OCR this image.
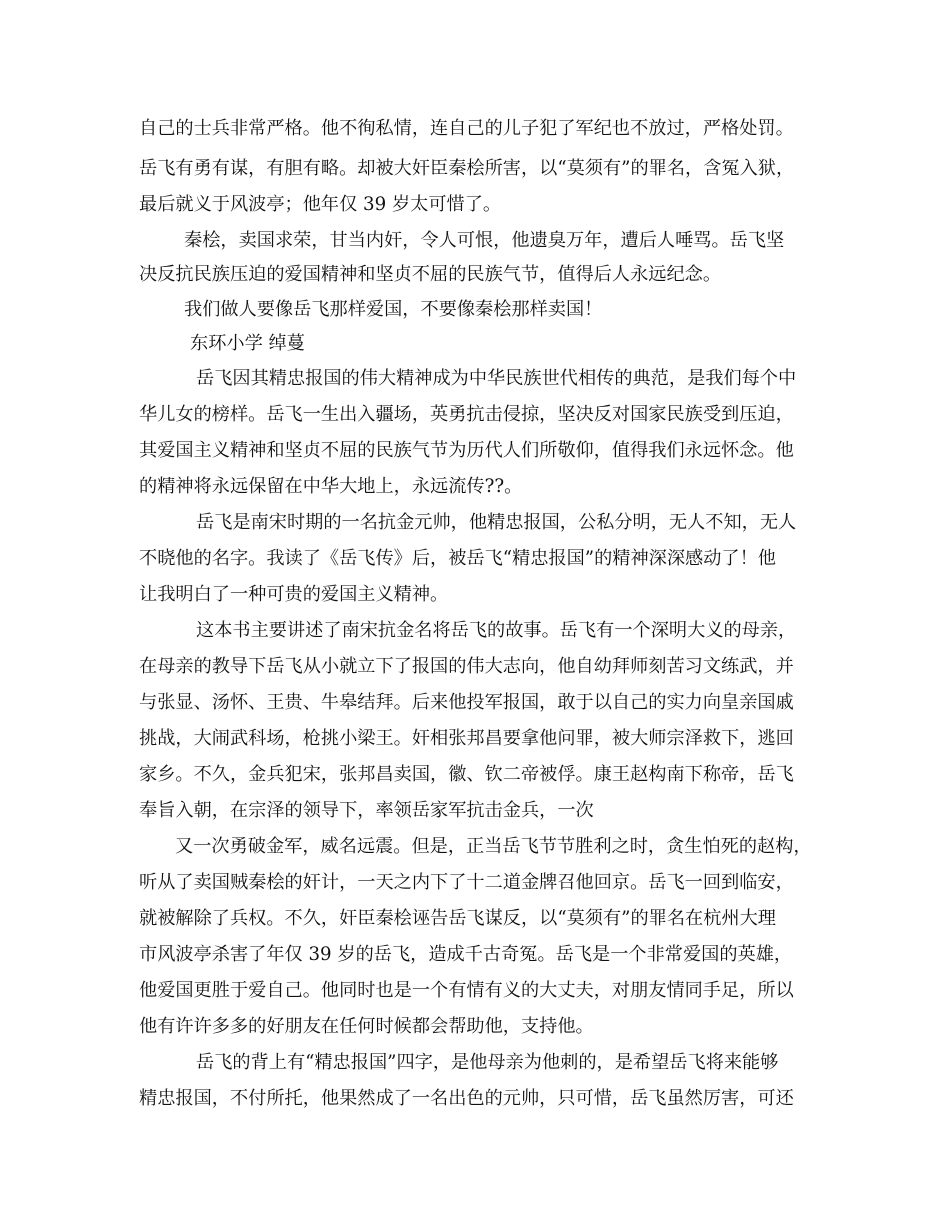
自己的士兵非常严格。他不徇私情，连自己的儿子犯了军纪也不放过，严格处罚。
岳飞有勇有谋，有胆有略。却被大奸臣秦桧所害，以“莫须有”的罪名，含冤入狱，
最后就义于风波亭；他年仅 39 岁太可惜了。
秦桧，卖国求荣，甘当内奸，令人可恨，他遗臭万年，遭后人唾骂。岳飞坚
决反抗民族压迫的爱国精神和坚贞不屈的民族气节，值得后人永远纪念。
我们做人要像岳飞那样爱国，不要像秦桧那样卖国！
东环小学 绰蔓
岳飞因其精忠报国的伟大精神成为中华民族世代相传的典范，是我们每个中
华儿女的榜样。岳飞一生出入疆场，英勇抗击侵掠，坚决反对国家民族受到压迫，
其爱国主义精神和坚贞不屈的民族气节为历代人们所敬仰，值得我们永远怀念。他
的精神将永远保留在中华大地上，永远流传??。
岳飞是南宋时期的一名抗金元帅，他精忠报国，公私分明，无人不知，无人
不晓他的名字。我读了《岳飞传》后，被岳飞“精忠报国”的精神深深感动了！他
让我明白了一种可贵的爱国主义精神。
这本书主要讲述了南宋抗金名将岳飞的故事。岳飞有一个深明大义的母亲，
在母亲的教导下岳飞从小就立下了报国的伟大志向，他自幼拜师刻苦习文练武，并
与张显、汤怀、王贵、牛皋结拜。后来他投军报国，敢于以自己的实力向皇亲国戚
挑战，大闹武科场，枪挑小梁王。奸相张邦昌要拿他问罪，被大师宗泽救下，逃回
家乡。不久，金兵犯宋，张邦昌卖国，徽、钦二帝被俘。康王赵构南下称帝，岳飞
奉旨入朝，在宗泽的领导下，率领岳家军抗击金兵，一次
又一次勇破金军，威名远震。但是，正当岳飞节节胜利之时，贪生怕死的赵构，
听从了卖国贼秦桧的奸计，一天之内下了十二道金牌召他回京。岳飞一回到临安，
就被解除了兵权。不久，奸臣秦桧诬告岳飞谋反，以“莫须有”的罪名在杭州大理
市风波亭杀害了年仅 39 岁的岳飞，造成千古奇冤。岳飞是一个非常爱国的英雄，
他爱国更胜于爱自己。他同时也是一个有情有义的大丈夫，对朋友情同手足，所以
他有许许多多的好朋友在任何时候都会帮助他，支持他。
岳飞的背上有“精忠报国”四字，是他母亲为他刺的，是希望岳飞将来能够
精忠报国，不付所托，他果然成了一名出色的元帅，只可惜，岳飞虽然厉害，可还
